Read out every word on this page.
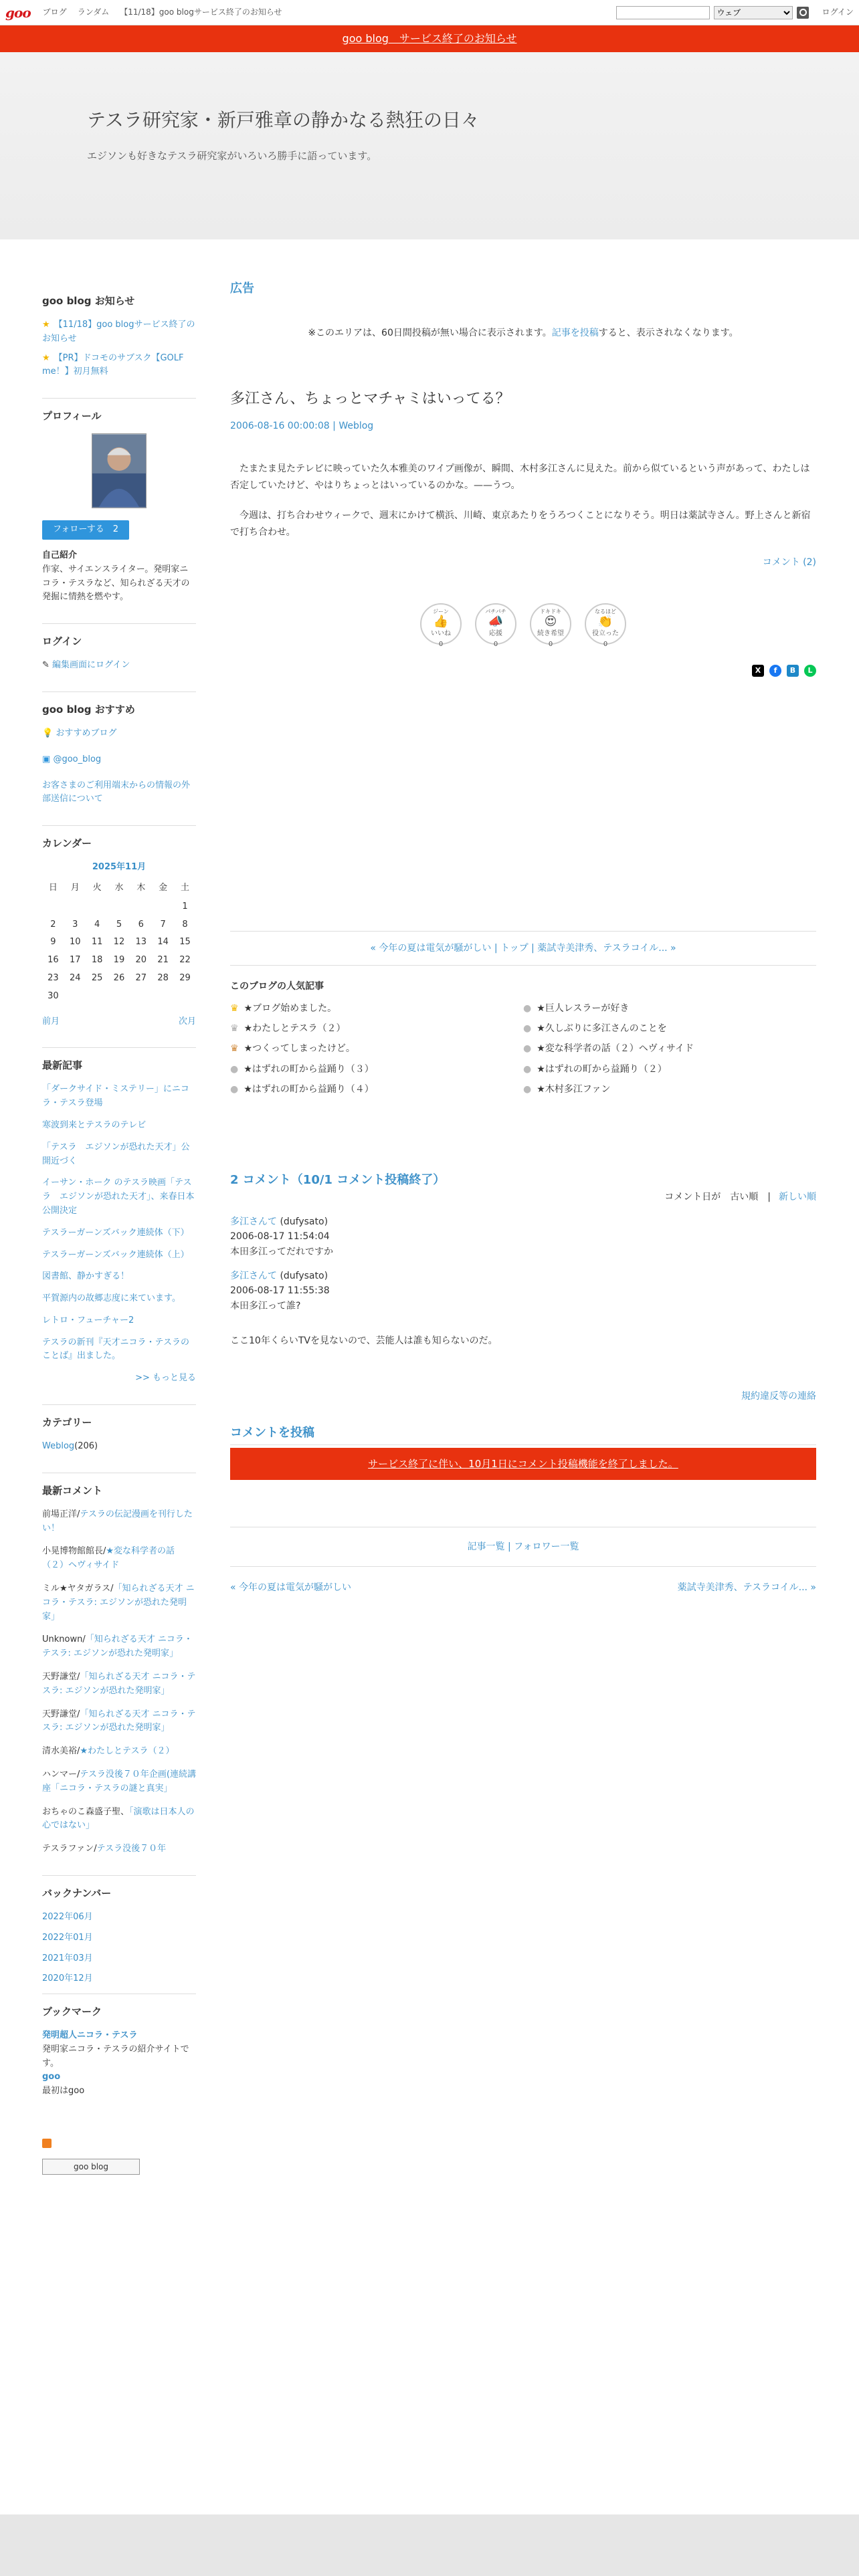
goo ブログ ランダム 【11/18】goo blogサービス終了のお知らせ
ウェブ	ログイン
goo blog　サービス終了のお知らせ
テスラ研究家・新戸雅章の静かなる熱狂の日々

エジソンも好きなテスラ研究家がいろいろ勝手に語っています。

goo blog お知らせ
★ 【11/18】goo blogサービス終了のお知らせ
★ 【PR】ドコモのサブスク【GOLF me！】初月無料
プロフィール
フォローする　2

自己紹介

作家、サイエンスライター。発明家ニコラ・テスラなど、知られざる天才の発掘に情熱を燃やす。

ログイン

✎ 編集画面にログイン

goo blog おすすめ

💡 おすすめブログ

▣ @goo_blog

お客さまのご利用端末からの情報の外部送信について

カレンダー
2025年11月
日	月	火	水	木	金	土
						1
2	3	4	5	6	7	8
9	10	11	12	13	14	15
16	17	18	19	20	21	22
23	24	25	26	27	28	29
30						
前月	次月
最新記事
「ダークサイド・ミステリー」にニコラ・テスラ登場
寒波到来とテスラのテレビ
「テスラ　エジソンが恐れた天才」公開近づく
イーサン・ホーク のテスラ映画「テスラ　エジソンが恐れた天才」、来春日本公開決定
テスラーガーンズバック連続体（下）
テスラーガーンズバック連続体（上）
図書館、静かすぎる！
平賀源内の故郷志度に来ています。
レトロ・フューチャー2
テスラの新刊『天才ニコラ・テスラのことば』出ました。

>> もっと見る

カテゴリー

Weblog(206)

最新コメント
前場正洋/テスラの伝記漫画を刊行したい！
小晃博物館館長/★変な科学者の話（２）ヘヴィサイド
ミル★ヤタガラス/「知られざる天才 ニコラ・テスラ: エジソンが恐れた発明家」
Unknown/「知られざる天才 ニコラ・テスラ: エジソンが恐れた発明家」
天野謙堂/「知られざる天才 ニコラ・テスラ: エジソンが恐れた発明家」
天野謙堂/「知られざる天才 ニコラ・テスラ: エジソンが恐れた発明家」
清水美裕/★わたしとテスラ（２）
ハンマー/テスラ没後７０年企画(連続講座「ニコラ・テスラの謎と真実」
おちゃのこ森盛子聖、「演歌は日本人の心ではない」
テスラファン/テスラ没後７０年
バックナンバー

2022年06月

2022年01月

2021年03月

2020年12月

ブックマーク

発明超人ニコラ・テスラ

発明家ニコラ・テスラの紹介サイトです。

goo

最初はgoo

goo blog
広告
※このエリアは、60日間投稿が無い場合に表示されます。記事を投稿すると、表示されなくなります。
多江さん、ちょっとマチャミはいってる？
2006-08-16 00:00:08 | Weblog

　たまたま見たテレビに映っていた久本雅美のワイプ画像が、瞬間、木村多江さんに見えた。前から似ているという声があって、わたしは否定していたけど、やはりちょっとはいっているのかな。——うつ。

　今週は、打ち合わせウィークで、週末にかけて横浜、川崎、東京あたりをうろつくことになりそう。明日は薬試寺さん。野上さんと新宿で打ち合わせ。

コメント (2)
ジーン
👍
いいね
0
パチパチ
📣
応援
0
ドキドキ
😍
続き希望
0
なるほど
👏
役立った
0
X	f	B	L
« 今年の夏は電気が騒がしい | トップ | 薬試寺美津秀、テスラコイル... »
このブログの人気記事
♛ ★ブログ始めました。	● ★巨人レスラーが好き
♛ ★わたしとテスラ（２）	● ★久しぶりに多江さんのことを
♛ ★つくってしまったけど。	● ★変な科学者の話（２）ヘヴィサイド
● ★はずれの町から益踊り（３）	● ★はずれの町から益踊り（２）
● ★はずれの町から益踊り（４）	● ★木村多江ファン
2 コメント（10/1 コメント投稿終了）
コメント日が　 古い順　| 新しい順
多江さんて (dufysato)
2006-08-17 11:54:04
本田多江ってだれですか
多江さんて (dufysato)
2006-08-17 11:55:38
本田多江って誰?

ここ10年くらいTVを見ないので、芸能人は誰も知らないのだ。

規約違反等の連絡
コメントを投稿
サービス終了に伴い、10月1日にコメント投稿機能を終了しました。
記事一覧 | フォロワー一覧
« 今年の夏は電気が騒がしい	薬試寺美津秀、テスラコイル... »
